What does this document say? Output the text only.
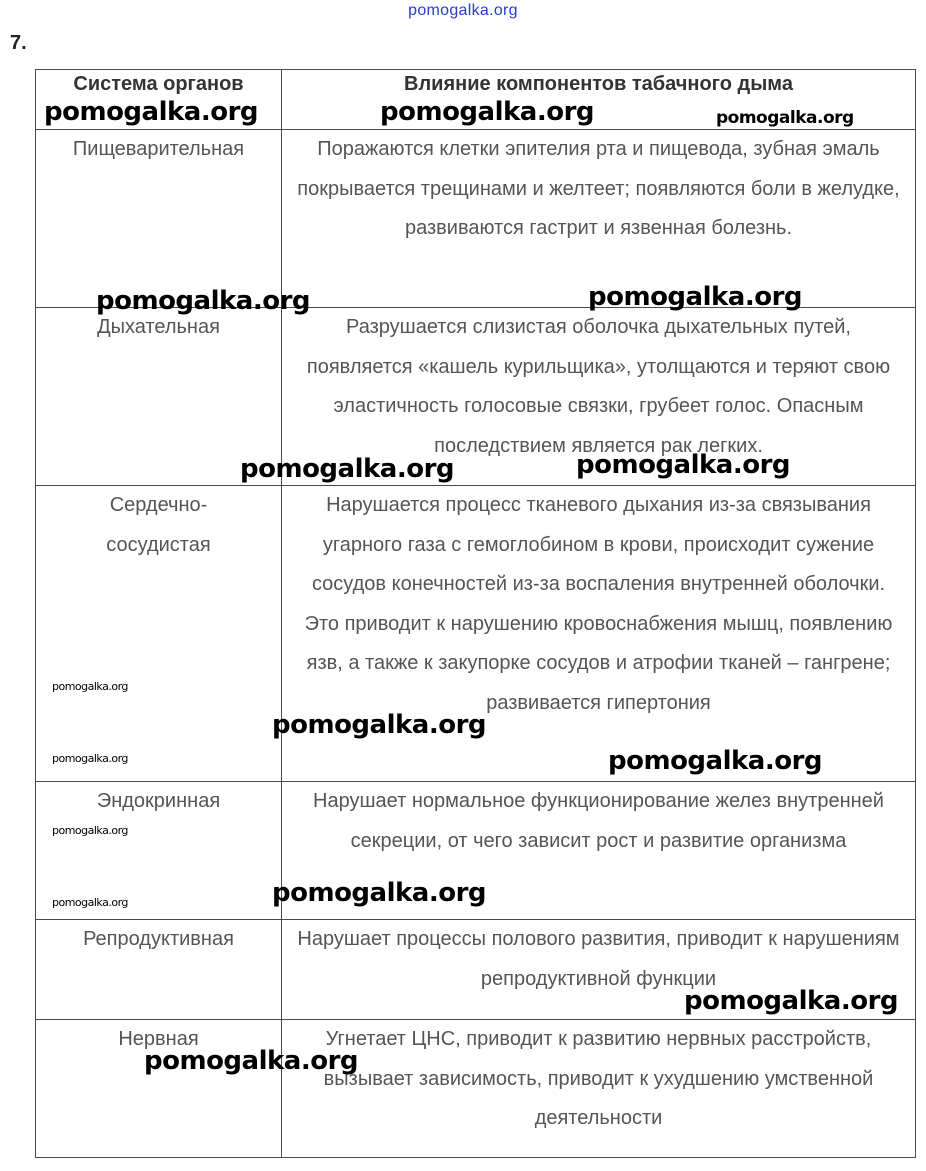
pomogalka.org
7.
Система органов	Влияние компонентов табачного дыма
Пищеварительная	Поражаются клетки эпителия рта и пищевода, зубная эмаль покрывается трещинами и желтеет; появляются боли в желудке, развиваются гастрит и язвенная болезнь.
Дыхательная	Разрушается слизистая оболочка дыхательных путей, появляется «кашель курильщика», утолщаются и теряют свою эластичность голосовые связки, грубеет голос. Опасным последствием является рак легких.
Сердечно-сосудистая	Нарушается процесс тканевого дыхания из-за связывания угарного газа с гемоглобином в крови, происходит сужение сосудов конечностей из-за воспаления внутренней оболочки. Это приводит к нарушению кровоснабжения мышц, появлению язв, а также к закупорке сосудов и атрофии тканей – гангрене; развивается гипертония
Эндокринная	Нарушает нормальное функционирование желез внутренней секреции, от чего зависит рост и развитие организма
Репродуктивная	Нарушает процессы полового развития, приводит к нарушениям репродуктивной функции
Нервная	Угнетает ЦНС, приводит к развитию нервных расстройств, вызывает зависимость, приводит к ухудшению умственной деятельности
pomogalka.org	pomogalka.org	pomogalka.org
pomogalka.org	pomogalka.org
pomogalka.org	pomogalka.org
pomogalka.org
pomogalka.org
pomogalka.org	pomogalka.org
pomogalka.org
pomogalka.org
pomogalka.org
pomogalka.org
pomogalka.org
